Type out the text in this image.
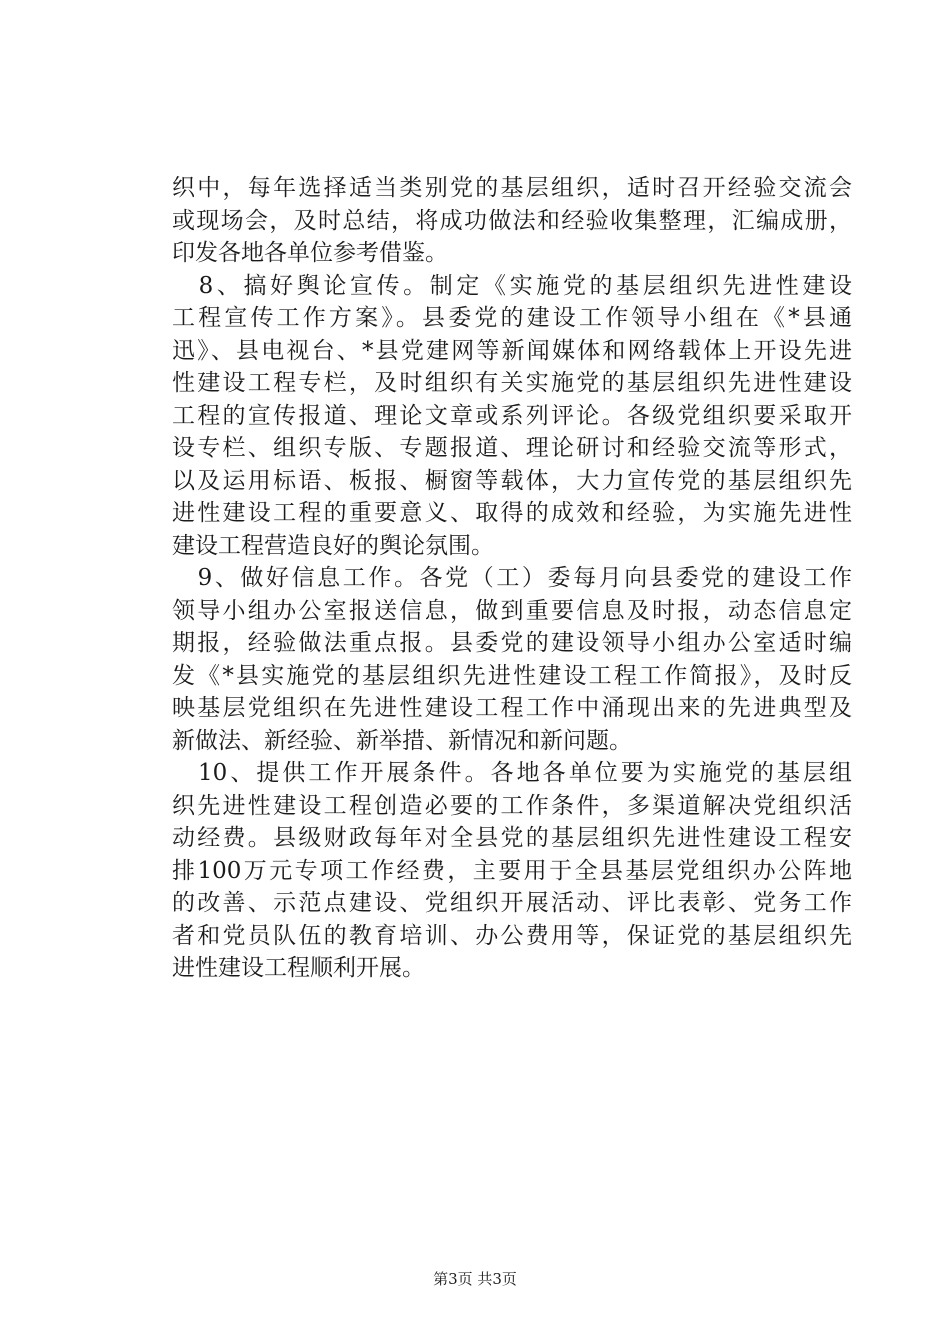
织中，每年选择适当类别党的基层组织，适时召开经验交流会
或现场会，及时总结，将成功做法和经验收集整理，汇编成册，
印发各地各单位参考借鉴。
　8、搞好舆论宣传。制定《实施党的基层组织先进性建设
工程宣传工作方案》。县委党的建设工作领导小组在《*县通
迅》、县电视台、*县党建网等新闻媒体和网络载体上开设先进
性建设工程专栏，及时组织有关实施党的基层组织先进性建设
工程的宣传报道、理论文章或系列评论。各级党组织要采取开
设专栏、组织专版、专题报道、理论研讨和经验交流等形式，
以及运用标语、板报、橱窗等载体，大力宣传党的基层组织先
进性建设工程的重要意义、取得的成效和经验，为实施先进性
建设工程营造良好的舆论氛围。
　9、做好信息工作。各党（工）委每月向县委党的建设工作
领导小组办公室报送信息，做到重要信息及时报，动态信息定
期报，经验做法重点报。县委党的建设领导小组办公室适时编
发《*县实施党的基层组织先进性建设工程工作简报》，及时反
映基层党组织在先进性建设工程工作中涌现出来的先进典型及
新做法、新经验、新举措、新情况和新问题。
　10、提供工作开展条件。各地各单位要为实施党的基层组
织先进性建设工程创造必要的工作条件，多渠道解决党组织活
动经费。县级财政每年对全县党的基层组织先进性建设工程安
排100万元专项工作经费，主要用于全县基层党组织办公阵地
的改善、示范点建设、党组织开展活动、评比表彰、党务工作
者和党员队伍的教育培训、办公费用等，保证党的基层组织先
进性建设工程顺利开展。
第3页 共3页
